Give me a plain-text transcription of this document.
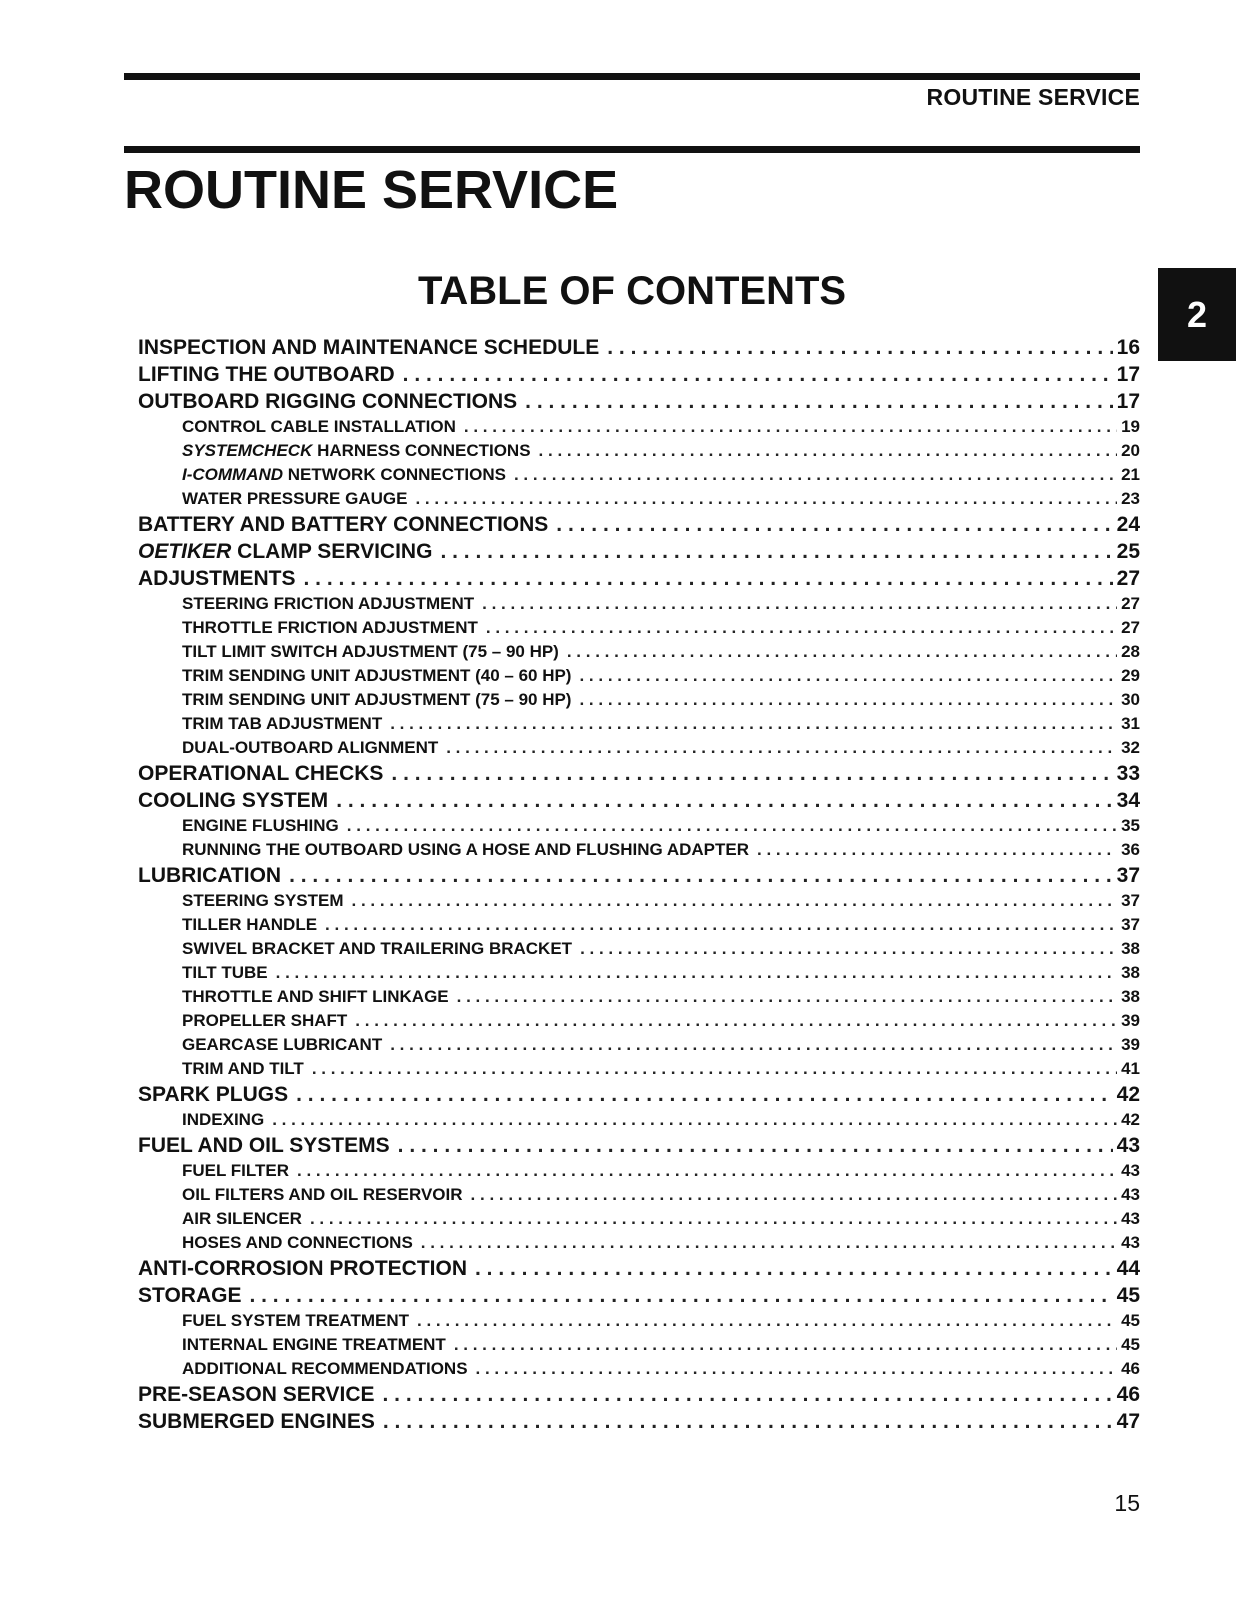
ROUTINE SERVICE
ROUTINE SERVICE
2
TABLE OF CONTENTS
INSPECTION AND MAINTENANCE SCHEDULE . . .	16
LIFTING THE OUTBOARD . . .	17
OUTBOARD RIGGING CONNECTIONS . . .	17
CONTROL CABLE INSTALLATION . . .	19
SYSTEMCHECK HARNESS CONNECTIONS . . .	20
I-COMMAND NETWORK CONNECTIONS . . .	21
WATER PRESSURE GAUGE . . .	23
BATTERY AND BATTERY CONNECTIONS . . .	24
OETIKER CLAMP SERVICING . . .	25
ADJUSTMENTS . . .	27
STEERING FRICTION ADJUSTMENT . . .	27
THROTTLE FRICTION ADJUSTMENT . . .	27
TILT LIMIT SWITCH ADJUSTMENT (75 – 90 HP) . . .	28
TRIM SENDING UNIT ADJUSTMENT (40 – 60 HP) . . .	29
TRIM SENDING UNIT ADJUSTMENT (75 – 90 HP) . . .	30
TRIM TAB ADJUSTMENT . . .	31
DUAL-OUTBOARD ALIGNMENT . . .	32
OPERATIONAL CHECKS . . .	33
COOLING SYSTEM . . .	34
ENGINE FLUSHING . . .	35
RUNNING THE OUTBOARD USING A HOSE AND FLUSHING ADAPTER . . .	36
LUBRICATION . . .	37
STEERING SYSTEM . . .	37
TILLER HANDLE . . .	37
SWIVEL BRACKET AND TRAILERING BRACKET . . .	38
TILT TUBE . . .	38
THROTTLE AND SHIFT LINKAGE . . .	38
PROPELLER SHAFT . . .	39
GEARCASE LUBRICANT . . .	39
TRIM AND TILT . . .	41
SPARK PLUGS . . .	42
INDEXING . . .	42
FUEL AND OIL SYSTEMS . . .	43
FUEL FILTER . . .	43
OIL FILTERS AND OIL RESERVOIR . . .	43
AIR SILENCER . . .	43
HOSES AND CONNECTIONS . . .	43
ANTI-CORROSION PROTECTION . . .	44
STORAGE . . .	45
FUEL SYSTEM TREATMENT . . .	45
INTERNAL ENGINE TREATMENT . . .	45
ADDITIONAL RECOMMENDATIONS . . .	46
PRE-SEASON SERVICE . . .	46
SUBMERGED ENGINES . . .	47
15
